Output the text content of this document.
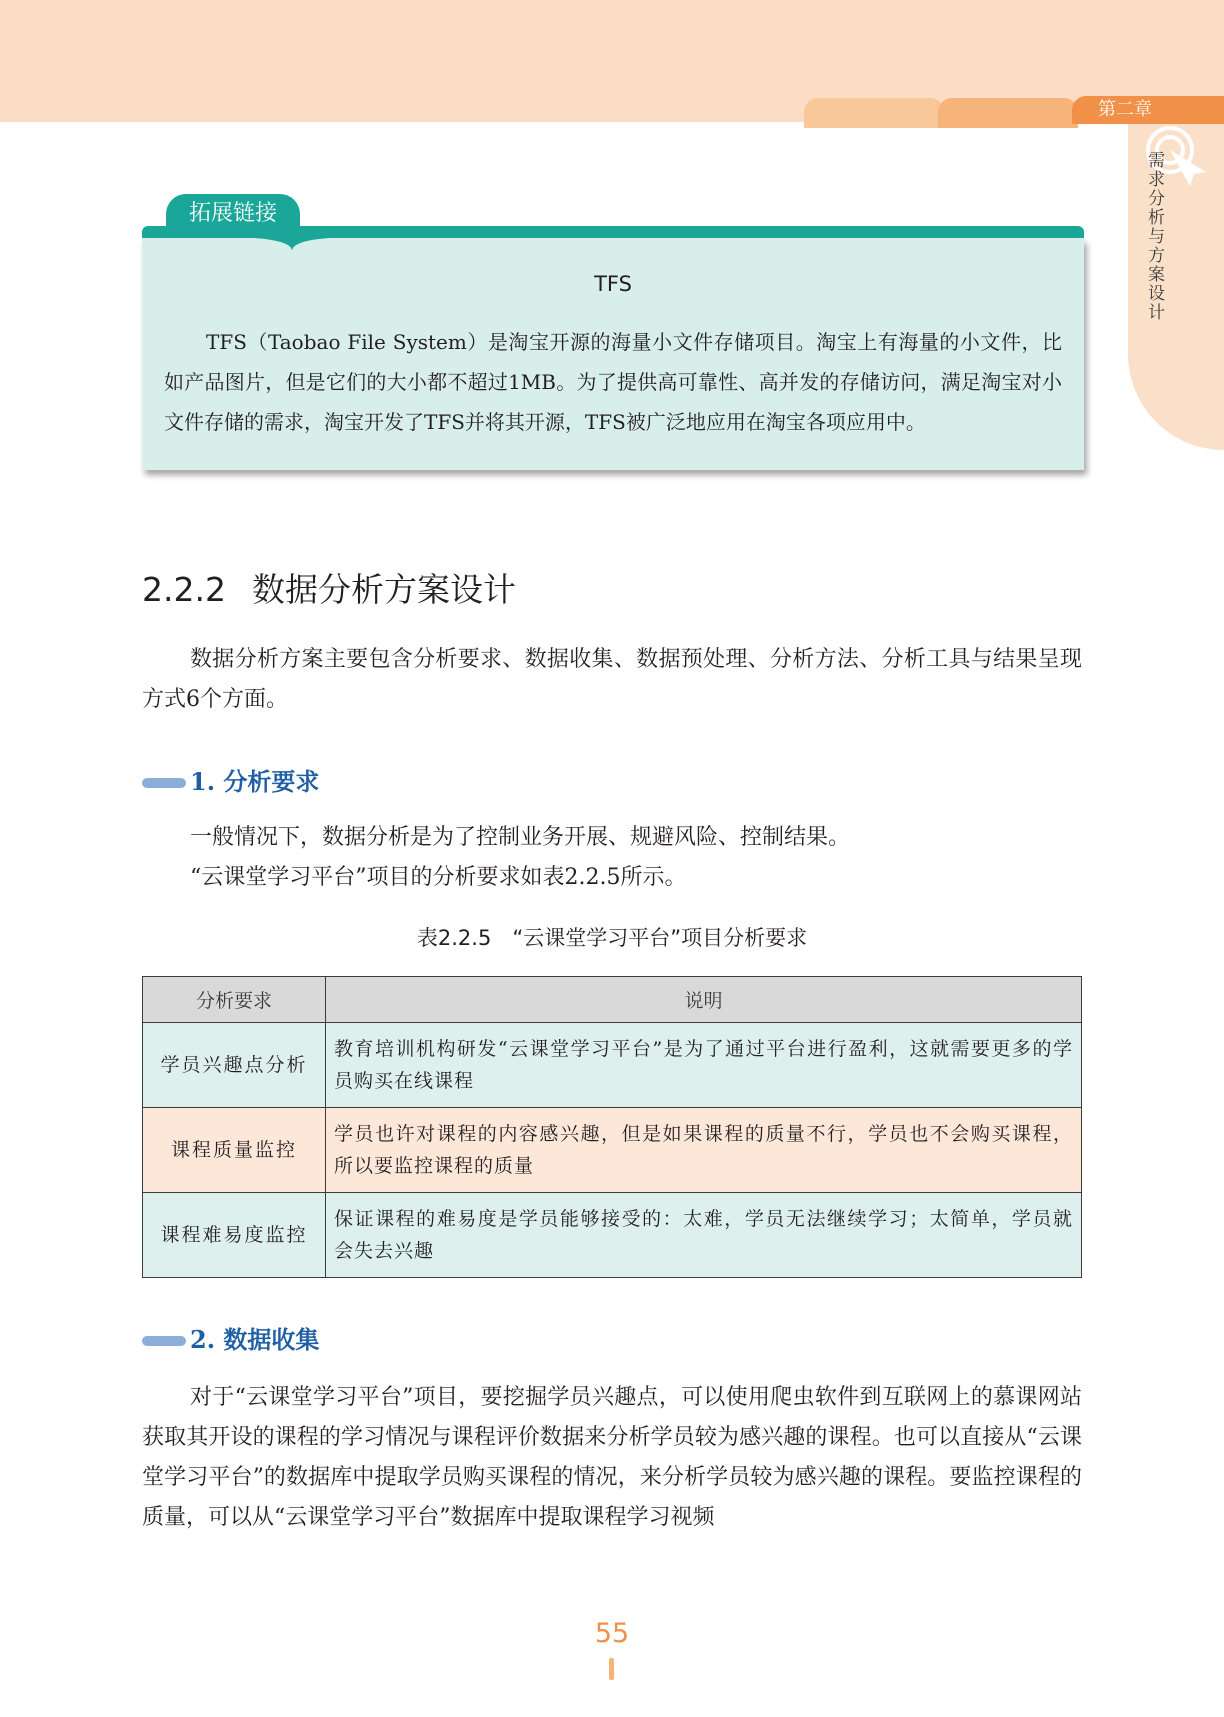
第二章
需求分析与方案设计
拓展链接
TFS
TFS（Taobao File System）是淘宝开源的海量小文件存储项目。淘宝上有海量的小文件，比如产品图片，但是它们的大小都不超过1MB。为了提供高可靠性、高并发的存储访问，满足淘宝对小文件存储的需求，淘宝开发了TFS并将其开源，TFS被广泛地应用在淘宝各项应用中。
2.2.2 数据分析方案设计
数据分析方案主要包含分析要求、数据收集、数据预处理、分析方法、分析工具与结果呈现方式6个方面。
1. 分析要求
一般情况下，数据分析是为了控制业务开展、规避风险、控制结果。
“云课堂学习平台”项目的分析要求如表2.2.5所示。
表2.2.5　“云课堂学习平台”项目分析要求
分析要求	说明
学员兴趣点分析	教育培训机构研发“云课堂学习平台”是为了通过平台进行盈利，这就需要更多的学员购买在线课程
课程质量监控	学员也许对课程的内容感兴趣，但是如果课程的质量不行，学员也不会购买课程，所以要监控课程的质量
课程难易度监控	保证课程的难易度是学员能够接受的：太难，学员无法继续学习；太简单，学员就会失去兴趣
2. 数据收集
对于“云课堂学习平台”项目，要挖掘学员兴趣点，可以使用爬虫软件到互联网上的慕课网站获取其开设的课程的学习情况与课程评价数据来分析学员较为感兴趣的课程。也可以直接从“云课堂学习平台”的数据库中提取学员购买课程的情况，来分析学员较为感兴趣的课程。要监控课程的质量，可以从“云课堂学习平台”数据库中提取课程学习视频
55
